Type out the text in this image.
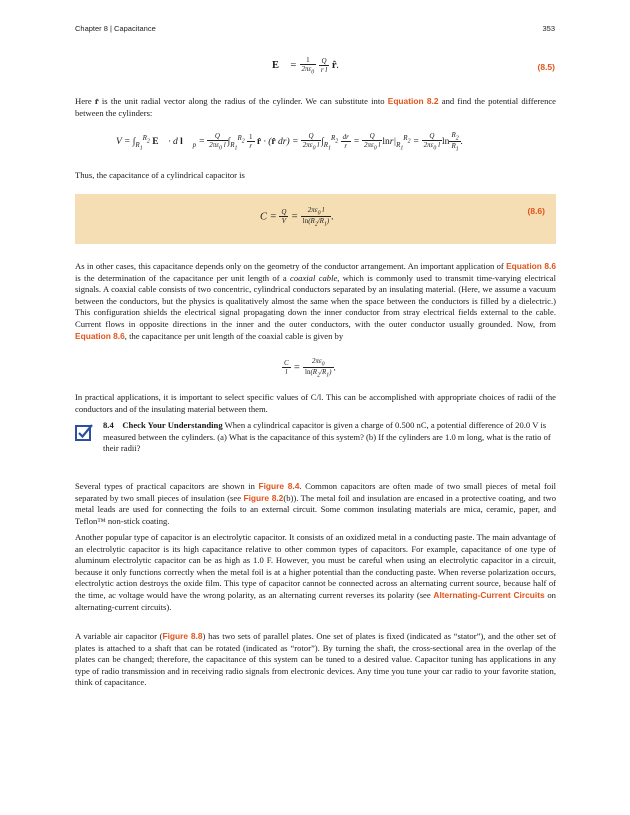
Chapter 8 | Capacitance	353
E⃗ = $\frac{1}{2\pi\varepsilon_0}$
$\frac{Q}{\text{r l}}$ r̂.	(8.5)
Here r̂ is the unit radial vector along the radius of the cylinder. We can substitute into Equation 8.2 and find the potential difference between the cylinders:
$V = \int_{R_1}^{R_2}$ E⃗ · d l⃗ $_p = \frac{Q}{2\pi\varepsilon_0 l} \int_{R_1}^{R_2} \frac{1}{r}$ r̂ · (r̂ $dr) = \frac{Q}{2\pi\varepsilon_0 l} \int_{R_1}^{R_2} \frac{dr}{r} = \frac{Q}{2\pi\varepsilon_0 l} \ln r|_{R_1}^{R_2} = \frac{Q}{2\pi\varepsilon_0 l}$ $\ln \frac{R_2}{R_1}$ .
Thus, the capacitance of a cylindrical capacitor is
$C = \frac{Q}{V} = \frac{2\pi\varepsilon_0 l}{\ln(R_2/R_1)}$ .
(8.6)
As in other cases, this capacitance depends only on the geometry of the conductor arrangement. An important application of Equation 8.6 is the determination of the capacitance per unit length of a coaxial cable, which is commonly used to transmit time-varying electrical signals. A coaxial cable consists of two concentric, cylindrical conductors separated by an insulating material. (Here, we assume a vacuum between the conductors, but the physics is qualitatively almost the same when the space between the conductors is filled by a dielectric.) This configuration shields the electrical signal propagating down the inner conductor from stray electrical fields external to the cable. Current flows in opposite directions in the inner and the outer conductors, with the outer conductor usually grounded. Now, from Equation 8.6, the capacitance per unit length of the coaxial cable is given by
$\frac{C}{l} = \frac{2\pi\varepsilon_0}{\ln(R_2/R_1)}$ .
In practical applications, it is important to select specific values of C/l. This can be accomplished with appropriate choices of radii of the conductors and of the insulating material between them.
8.4 Check Your Understanding When a cylindrical capacitor is given a charge of 0.500 nC, a potential difference of 20.0 V is measured between the cylinders. (a) What is the capacitance of this system? (b) If the cylinders are 1.0 m long, what is the ratio of their radii?
Several types of practical capacitors are shown in Figure 8.4. Common capacitors are often made of two small pieces of metal foil separated by two small pieces of insulation (see Figure 8.2(b)). The metal foil and insulation are encased in a protective coating, and two metal leads are used for connecting the foils to an external circuit. Some common insulating materials are mica, ceramic, paper, and Teflon™ non-stick coating.
Another popular type of capacitor is an electrolytic capacitor. It consists of an oxidized metal in a conducting paste. The main advantage of an electrolytic capacitor is its high capacitance relative to other common types of capacitors. For example, capacitance of one type of aluminum electrolytic capacitor can be as high as 1.0 F. However, you must be careful when using an electrolytic capacitor in a circuit, because it only functions correctly when the metal foil is at a higher potential than the conducting paste. When reverse polarization occurs, electrolytic action destroys the oxide film. This type of capacitor cannot be connected across an alternating current source, because half of the time, ac voltage would have the wrong polarity, as an alternating current reverses its polarity (see Alternating-Current Circuits on alternating-current circuits).
A variable air capacitor (Figure 8.8) has two sets of parallel plates. One set of plates is fixed (indicated as “stator”), and the other set of plates is attached to a shaft that can be rotated (indicated as “rotor”). By turning the shaft, the cross-sectional area in the overlap of the plates can be changed; therefore, the capacitance of this system can be tuned to a desired value. Capacitor tuning has applications in any type of radio transmission and in receiving radio signals from electronic devices. Any time you tune your car radio to your favorite station, think of capacitance.
